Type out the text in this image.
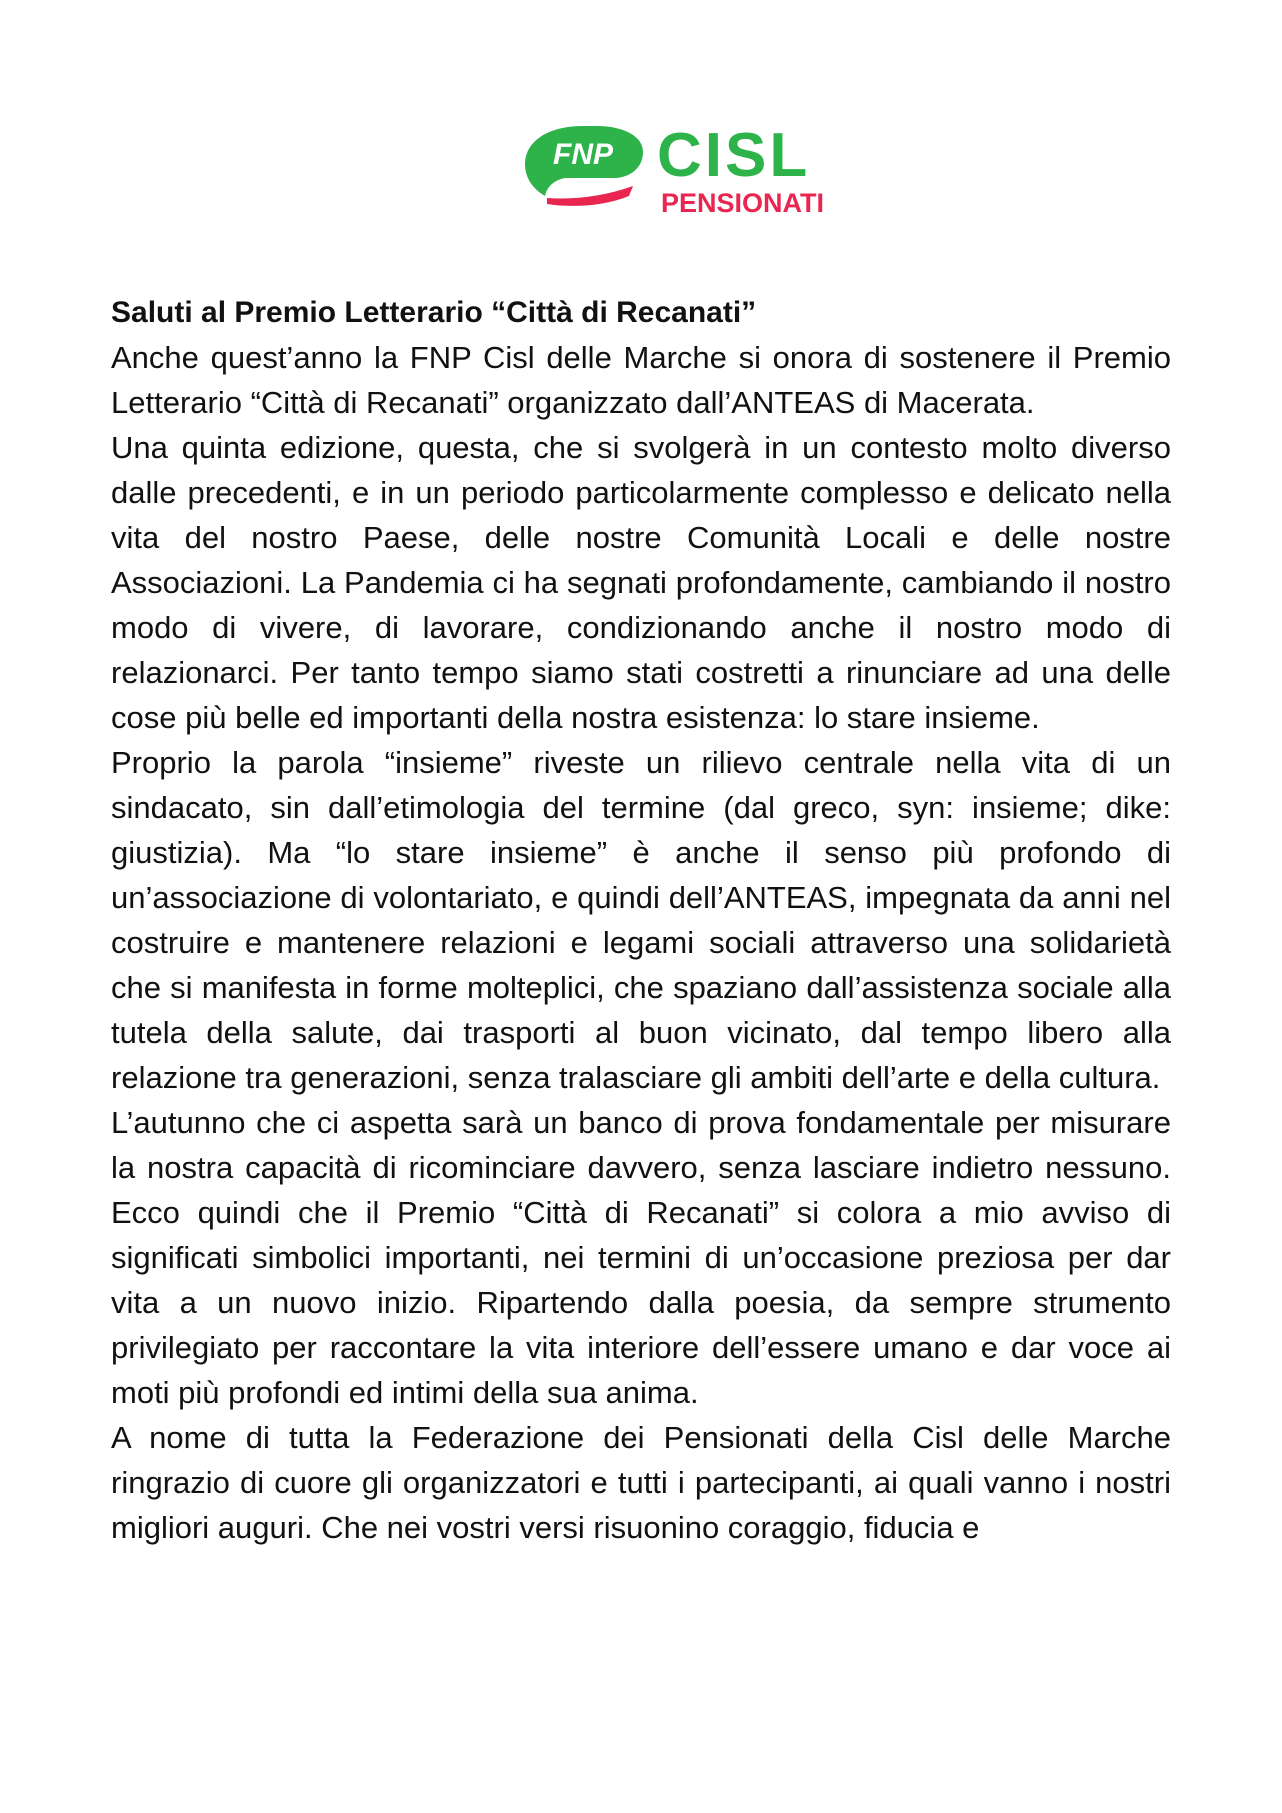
FNP CISL
PENSIONATI

Saluti al Premio Letterario “Città di Recanati”

Anche quest’anno la FNP Cisl delle Marche si onora di sostenere il Premio Letterario “Città di Recanati” organizzato dall’ANTEAS di Macerata.

Una quinta edizione, questa, che si svolgerà in un contesto molto diverso dalle precedenti, e in un periodo particolarmente complesso e delicato nella vita del nostro Paese, delle nostre Comunità Locali e delle nostre Associazioni. La Pandemia ci ha segnati profondamente, cambiando il nostro modo di vivere, di lavorare, condizionando anche il nostro modo di relazionarci. Per tanto tempo siamo stati costretti a rinunciare ad una delle cose più belle ed importanti della nostra esistenza: lo stare insieme.

Proprio la parola “insieme” riveste un rilievo centrale nella vita di un sindacato, sin dall’etimologia del termine (dal greco, syn: insieme; dike: giustizia). Ma “lo stare insieme” è anche il senso più profondo di un’associazione di volontariato, e quindi dell’ANTEAS, impegnata da anni nel costruire e mantenere relazioni e legami sociali attraverso una solidarietà che si manifesta in forme molteplici, che spaziano dall’assistenza sociale alla tutela della salute, dai trasporti al buon vicinato, dal tempo libero alla relazione tra generazioni, senza tralasciare gli ambiti dell’arte e della cultura.

L’autunno che ci aspetta sarà un banco di prova fondamentale per misurare la nostra capacità di ricominciare davvero, senza lasciare indietro nessuno. Ecco quindi che il Premio “Città di Recanati” si colora a mio avviso di significati simbolici importanti, nei termini di un’occasione preziosa per dar vita a un nuovo inizio. Ripartendo dalla poesia, da sempre strumento privilegiato per raccontare la vita interiore dell’essere umano e dar voce ai moti più profondi ed intimi della sua anima.

A nome di tutta la Federazione dei Pensionati della Cisl delle Marche ringrazio di cuore gli organizzatori e tutti i partecipanti, ai quali vanno i nostri migliori auguri. Che nei vostri versi risuonino coraggio, fiducia e
